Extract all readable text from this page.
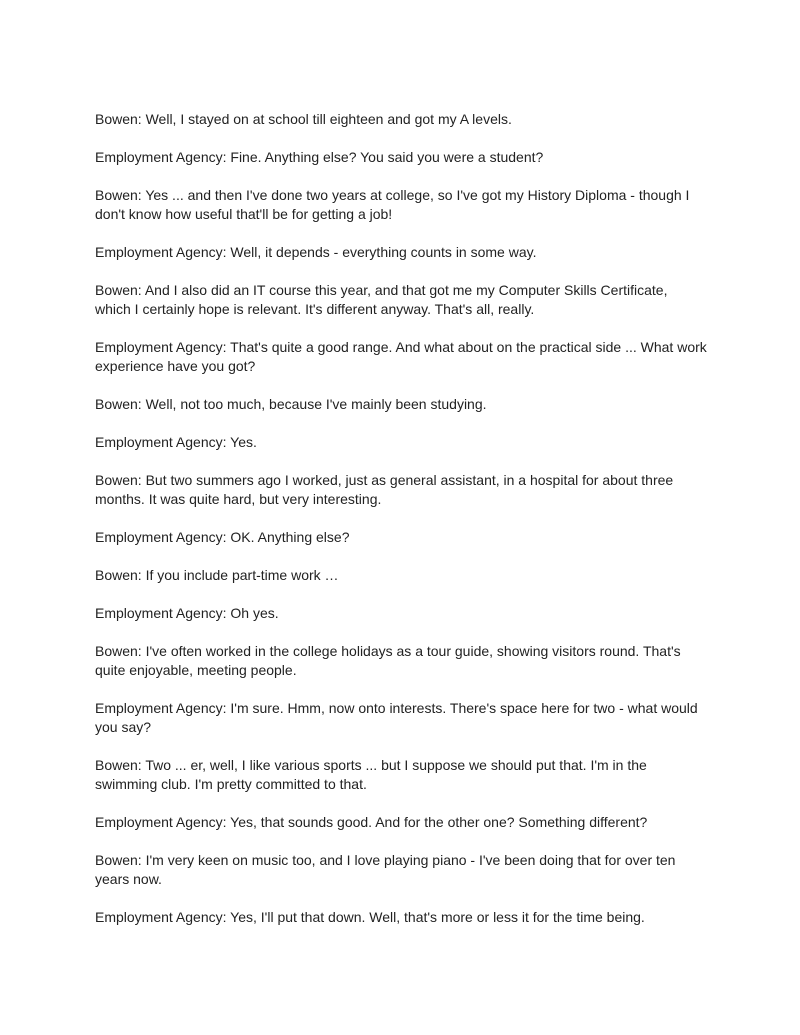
Bowen: Well, I stayed on at school till eighteen and got my A levels.

Employment Agency: Fine. Anything else? You said you were a student?

Bowen: Yes ... and then I've done two years at college, so I've got my History Diploma - though I don't know how useful that'll be for getting a job!

Employment Agency: Well, it depends - everything counts in some way.

Bowen: And I also did an IT course this year, and that got me my Computer Skills Certificate, which I certainly hope is relevant. It's different anyway. That's all, really.

Employment Agency: That's quite a good range. And what about on the practical side ... What work experience have you got?

Bowen: Well, not too much, because I've mainly been studying.

Employment Agency: Yes.

Bowen: But two summers ago I worked, just as general assistant, in a hospital for about three months. It was quite hard, but very interesting.

Employment Agency: OK. Anything else?

Bowen: If you include part-time work …

Employment Agency: Oh yes.

Bowen: I've often worked in the college holidays as a tour guide, showing visitors round. That's quite enjoyable, meeting people.

Employment Agency: I'm sure. Hmm, now onto interests. There's space here for two - what would you say?

Bowen: Two ... er, well, I like various sports ... but I suppose we should put that. I'm in the swimming club. I'm pretty committed to that.

Employment Agency: Yes, that sounds good. And for the other one? Something different?

Bowen: I'm very keen on music too, and I love playing piano - I've been doing that for over ten years now.

Employment Agency: Yes, I'll put that down. Well, that's more or less it for the time being.
